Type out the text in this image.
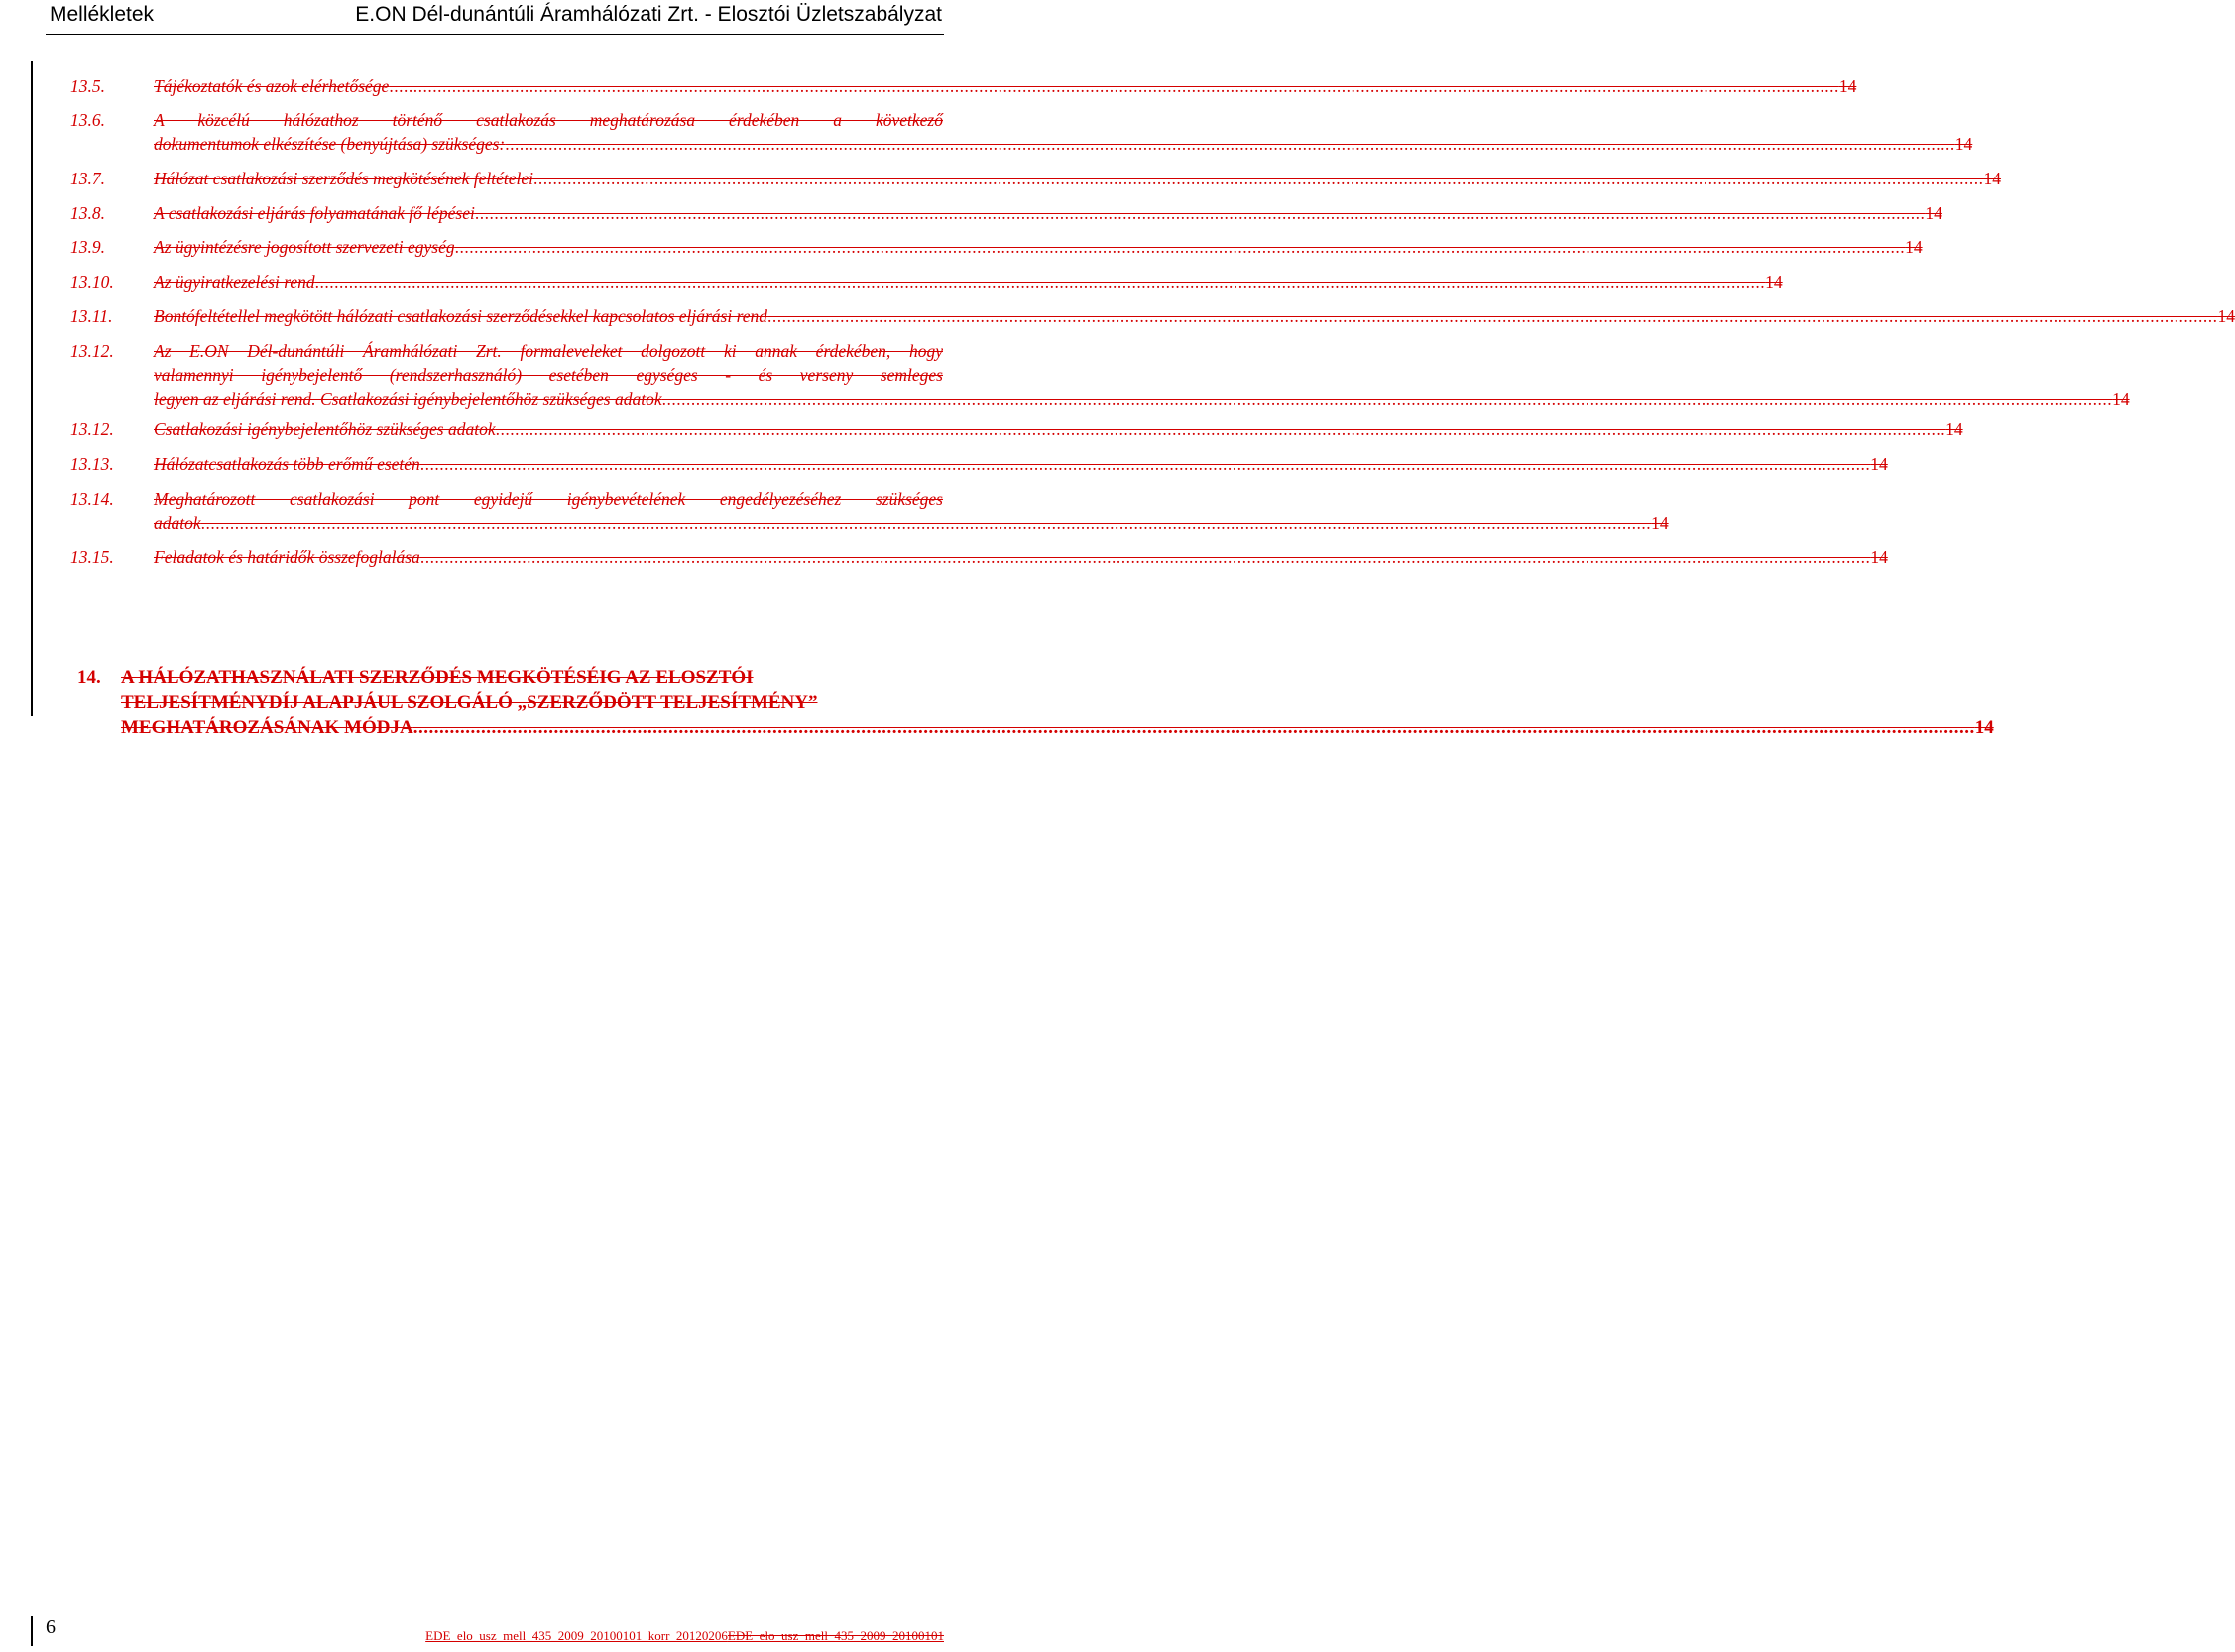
Mellékletek	E.ON Dél-dunántúli Áramhálózati Zrt. - Elosztói Üzletszabályzat
13.5.	Tájékoztatók és azok elérhetősége ............................................................................................................................................................................................................................................................................................................ 14
13.6.	A közcélú hálózathoz történő csatlakozás meghatározása érdekében a következő
dokumentumok elkészítése (benyújtása) szükséges: ............................................................................................................................................................................................................................................................................................................ 14
13.7.	Hálózat csatlakozási szerződés megkötésének feltételei ............................................................................................................................................................................................................................................................................................................ 14
13.8.	A csatlakozási eljárás folyamatának fő lépései ............................................................................................................................................................................................................................................................................................................ 14
13.9.	Az ügyintézésre jogosított szervezeti egység ............................................................................................................................................................................................................................................................................................................ 14
13.10. Az ügyiratkezelési rend ............................................................................................................................................................................................................................................................................................................ 14
13.11. Bontófeltétellel megkötött hálózati csatlakozási szerződésekkel kapcsolatos eljárási rend ............................................................................................................................................................................................................................................................................................................ 14
13.12. Az E.ON Dél-dunántúli Áramhálózati Zrt. formaleveleket dolgozott ki annak érdekében, hogy
valamennyi igénybejelentő (rendszerhasználó) esetében egységes - és verseny semleges
legyen az eljárási rend. Csatlakozási igénybejelentőhöz szükséges adatok ............................................................................................................................................................................................................................................................................................................ 14
13.12. Csatlakozási igénybejelentőhöz szükséges adatok ............................................................................................................................................................................................................................................................................................................ 14
13.13. Hálózatcsatlakozás több erőmű esetén ............................................................................................................................................................................................................................................................................................................ 14
13.14. Meghatározott csatlakozási pont egyidejű igénybevételének engedélyezéséhez szükséges
adatok ............................................................................................................................................................................................................................................................................................................ 14
13.15. Feladatok és határidők összefoglalása ............................................................................................................................................................................................................................................................................................................ 14
14. A HÁLÓZATHASZNÁLATI SZERZŐDÉS MEGKÖTÉSÉIG AZ ELOSZTÓI
TELJESÍTMÉNYDÍJ ALAPJÁUL SZOLGÁLÓ „SZERZŐDÖTT TELJESÍTMÉNY”
MEGHATÁROZÁSÁNAK MÓDJA ............................................................................................................................................................................................................................................................................................................ 14
6	EDE_elo_usz_mell_435_2009_20100101_korr_20120206EDE_elo_usz_mell_435_2009_20100101
